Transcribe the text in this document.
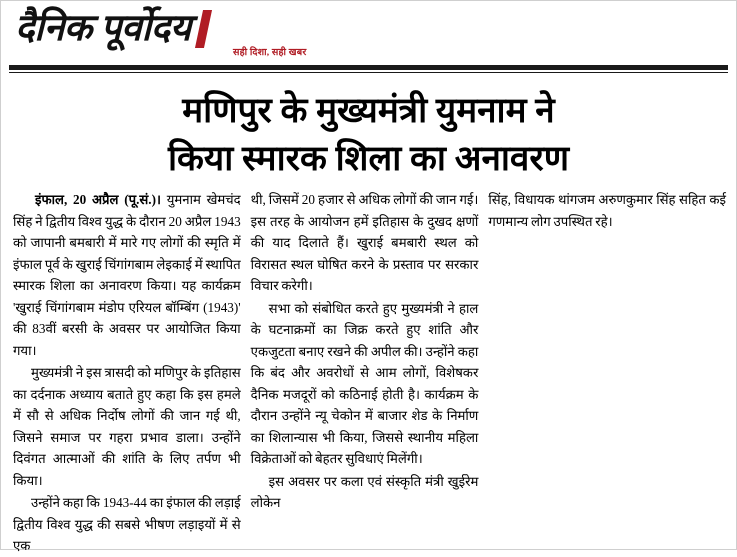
दैनिक पूर्वोदय
सही दिशा, सही खबर
मणिपुर के मुख्यमंत्री युमनाम ने
किया स्मारक शिला का अनावरण

इंफाल, 20 अप्रैल (पू.सं.)। युमनाम खेमचंद सिंह ने द्वितीय विश्व युद्ध के दौरान 20 अप्रैल 1943 को जापानी बमबारी में मारे गए लोगों की स्मृति में इंफाल पूर्व के खुराई चिंगांगबाम लेइकाई में स्थापित स्मारक शिला का अनावरण किया। यह कार्यक्रम 'खुराई चिंगांगबाम मंडोप एरियल बॉम्बिंग (1943)' की 83वीं बरसी के अवसर पर आयोजित किया गया।

मुख्यमंत्री ने इस त्रासदी को मणिपुर के इतिहास का दर्दनाक अध्याय बताते हुए कहा कि इस हमले में सौ से अधिक निर्दोष लोगों की जान गई थी, जिसने समाज पर गहरा प्रभाव डाला। उन्होंने दिवंगत आत्माओं की शांति के लिए तर्पण भी किया।

उन्होंने कहा कि 1943-44 का इंफाल की लड़ाई द्वितीय विश्व युद्ध की सबसे भीषण लड़ाइयों में से एक

थी, जिसमें 20 हजार से अधिक लोगों की जान गई। इस तरह के आयोजन हमें इतिहास के दुखद क्षणों की याद दिलाते हैं। खुराई बमबारी स्थल को विरासत स्थल घोषित करने के प्रस्ताव पर सरकार विचार करेगी।

सभा को संबोधित करते हुए मुख्यमंत्री ने हाल के घटनाक्रमों का जिक्र करते हुए शांति और एकजुटता बनाए रखने की अपील की। उन्होंने कहा कि बंद और अवरोधों से आम लोगों, विशेषकर दैनिक मजदूरों को कठिनाई होती है। कार्यक्रम के दौरान उन्होंने न्यू चेकोन में बाजार शेड के निर्माण का शिलान्यास भी किया, जिससे स्थानीय महिला विक्रेताओं को बेहतर सुविधाएं मिलेंगी।

इस अवसर पर कला एवं संस्कृति मंत्री खुईरेम लोकेन

सिंह, विधायक थांगजम अरुणकुमार सिंह सहित कई गणमान्य लोग उपस्थित रहे।
